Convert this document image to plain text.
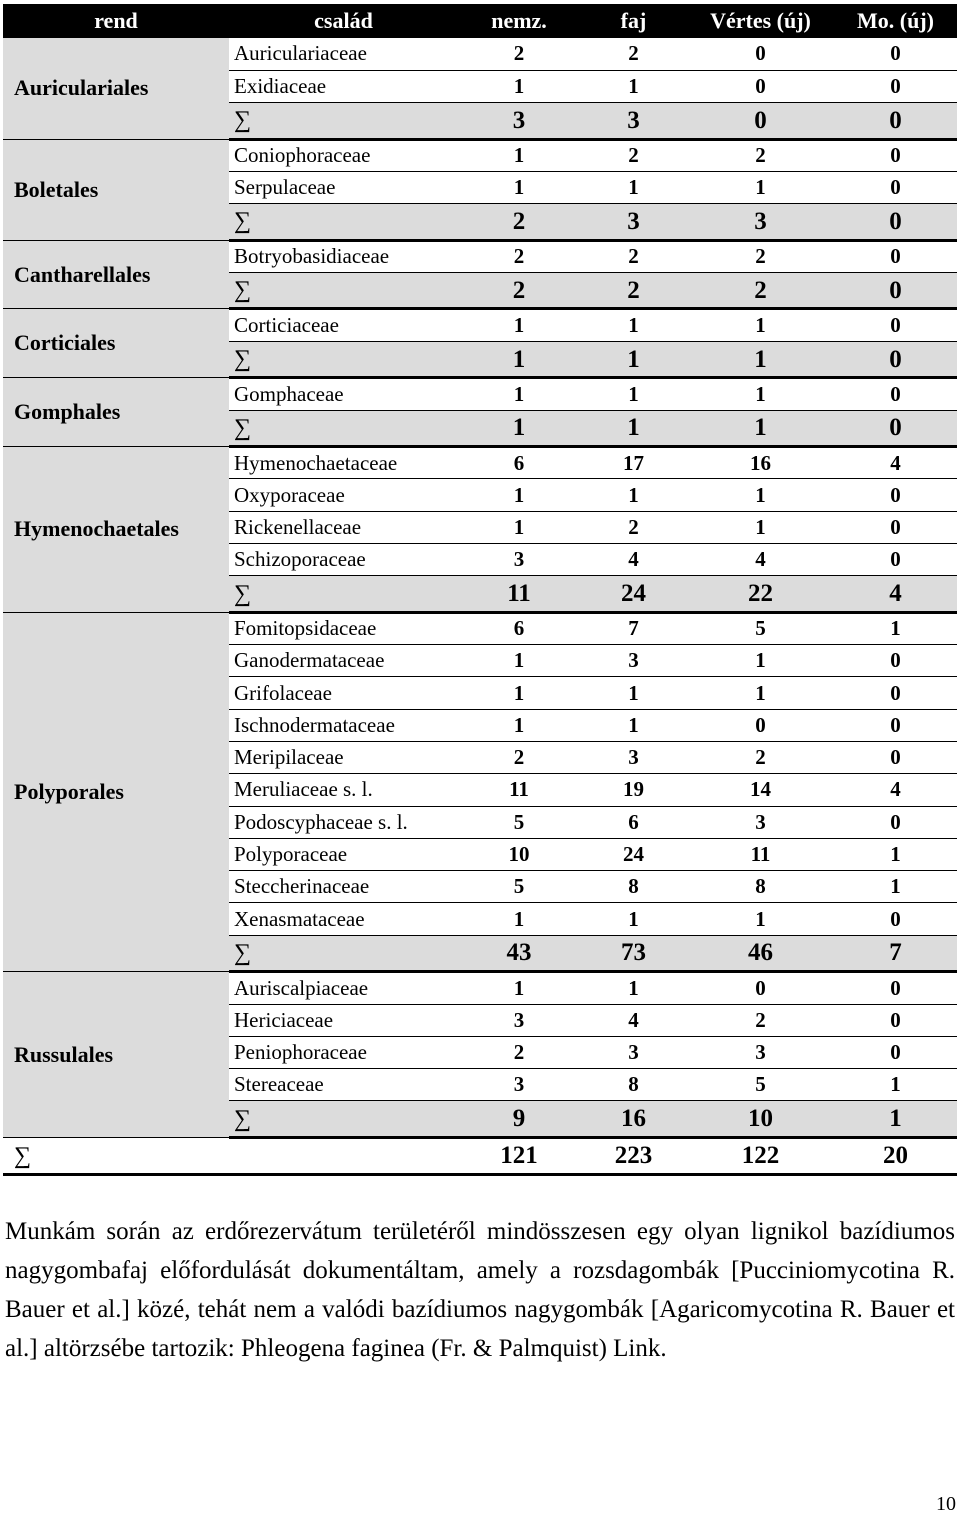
rend	család	nemz.	faj	Vértes (új)	Mo. (új)
Auriculariales	Auriculariaceae	2	2	0	0
	Exidiaceae	1	1	0	0
	∑	3	3	0	0
Boletales	Coniophoraceae	1	2	2	0
	Serpulaceae	1	1	1	0
	∑	2	3	3	0
Cantharellales	Botryobasidiaceae	2	2	2	0
	∑	2	2	2	0
Corticiales	Corticiaceae	1	1	1	0
	∑	1	1	1	0
Gomphales	Gomphaceae	1	1	1	0
	∑	1	1	1	0
Hymenochaetales	Hymenochaetaceae	6	17	16	4
	Oxyporaceae	1	1	1	0
	Rickenellaceae	1	2	1	0
	Schizoporaceae	3	4	4	0
	∑	11	24	22	4
Polyporales	Fomitopsidaceae	6	7	5	1
	Ganodermataceae	1	3	1	0
	Grifolaceae	1	1	1	0
	Ischnodermataceae	1	1	0	0
	Meripilaceae	2	3	2	0
	Meruliaceae s. l.	11	19	14	4
	Podoscyphaceae s. l.	5	6	3	0
	Polyporaceae	10	24	11	1
	Steccherinaceae	5	8	8	1
	Xenasmataceae	1	1	1	0
	∑	43	73	46	7
Russulales	Auriscalpiaceae	1	1	0	0
	Hericiaceae	3	4	2	0
	Peniophoraceae	2	3	3	0
	Stereaceae	3	8	5	1
	∑	9	16	10	1
∑		121	223	122	20

Munkám során az erdőrezervátum területéről mindösszesen egy olyan lignikol bazídiumos nagygombafaj előfordulását dokumentáltam, amely a rozsdagombák [Pucciniomycotina R. Bauer et al.] közé, tehát nem a valódi bazídiumos nagygombák [Agaricomycotina R. Bauer et al.] altörzsébe tartozik: Phleogena faginea (Fr. & Palmquist) Link.

10
